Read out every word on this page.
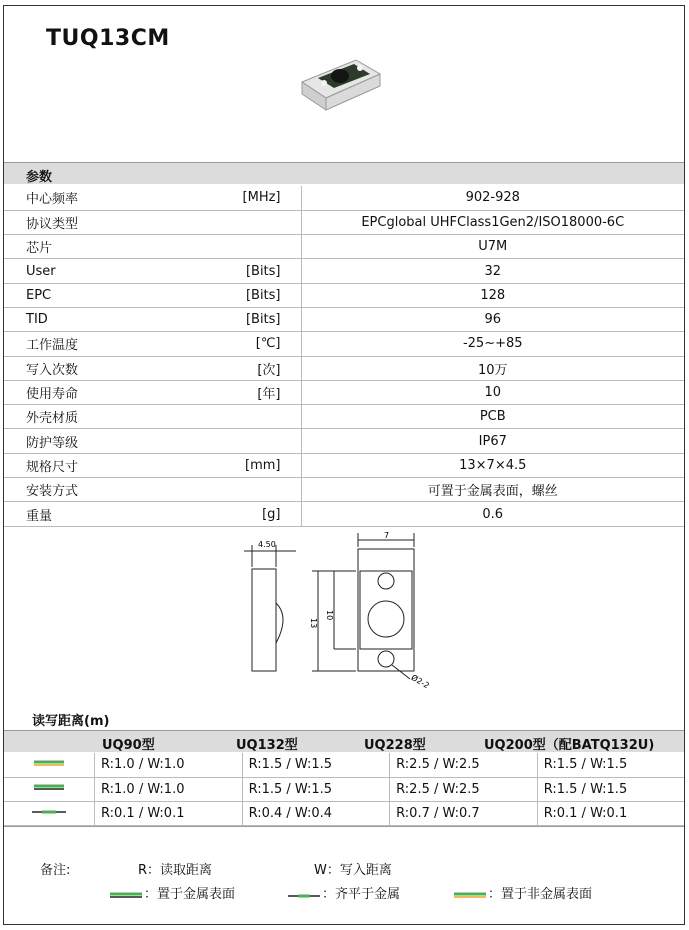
TUQ13CM
参数
中心频率	[MHz]	902-928
协议类型		EPCglobal UHFClass1Gen2/ISO18000-6C
芯片		U7M
User	[Bits]	32
EPC	[Bits]	128
TID	[Bits]	96
工作温度	[℃]	-25~+85
写入次数	[次]	10万
使用寿命	[年]	10
外壳材质		PCB
防护等级		IP67
规格尺寸	[mm]	13×7×4.5
安装方式		可置于金属表面，螺丝
重量	[g]	0.6
4.50
7
13
10
Ø2-2
读写距离(m)
UQ90型	UQ132型	UQ228型	UQ200型（配BATQ132U)
	R:1.0 / W:1.0	R:1.5 / W:1.5	R:2.5 / W:2.5	R:1.5 / W:1.5
	R:1.0 / W:1.0	R:1.5 / W:1.5	R:2.5 / W:2.5	R:1.5 / W:1.5
	R:0.1 / W:0.1	R:0.4 / W:0.4	R:0.7 / W:0.7	R:0.1 / W:0.1
备注:	R：读取距离	W：写入距离
：置于金属表面	：齐平于金属	：置于非金属表面
